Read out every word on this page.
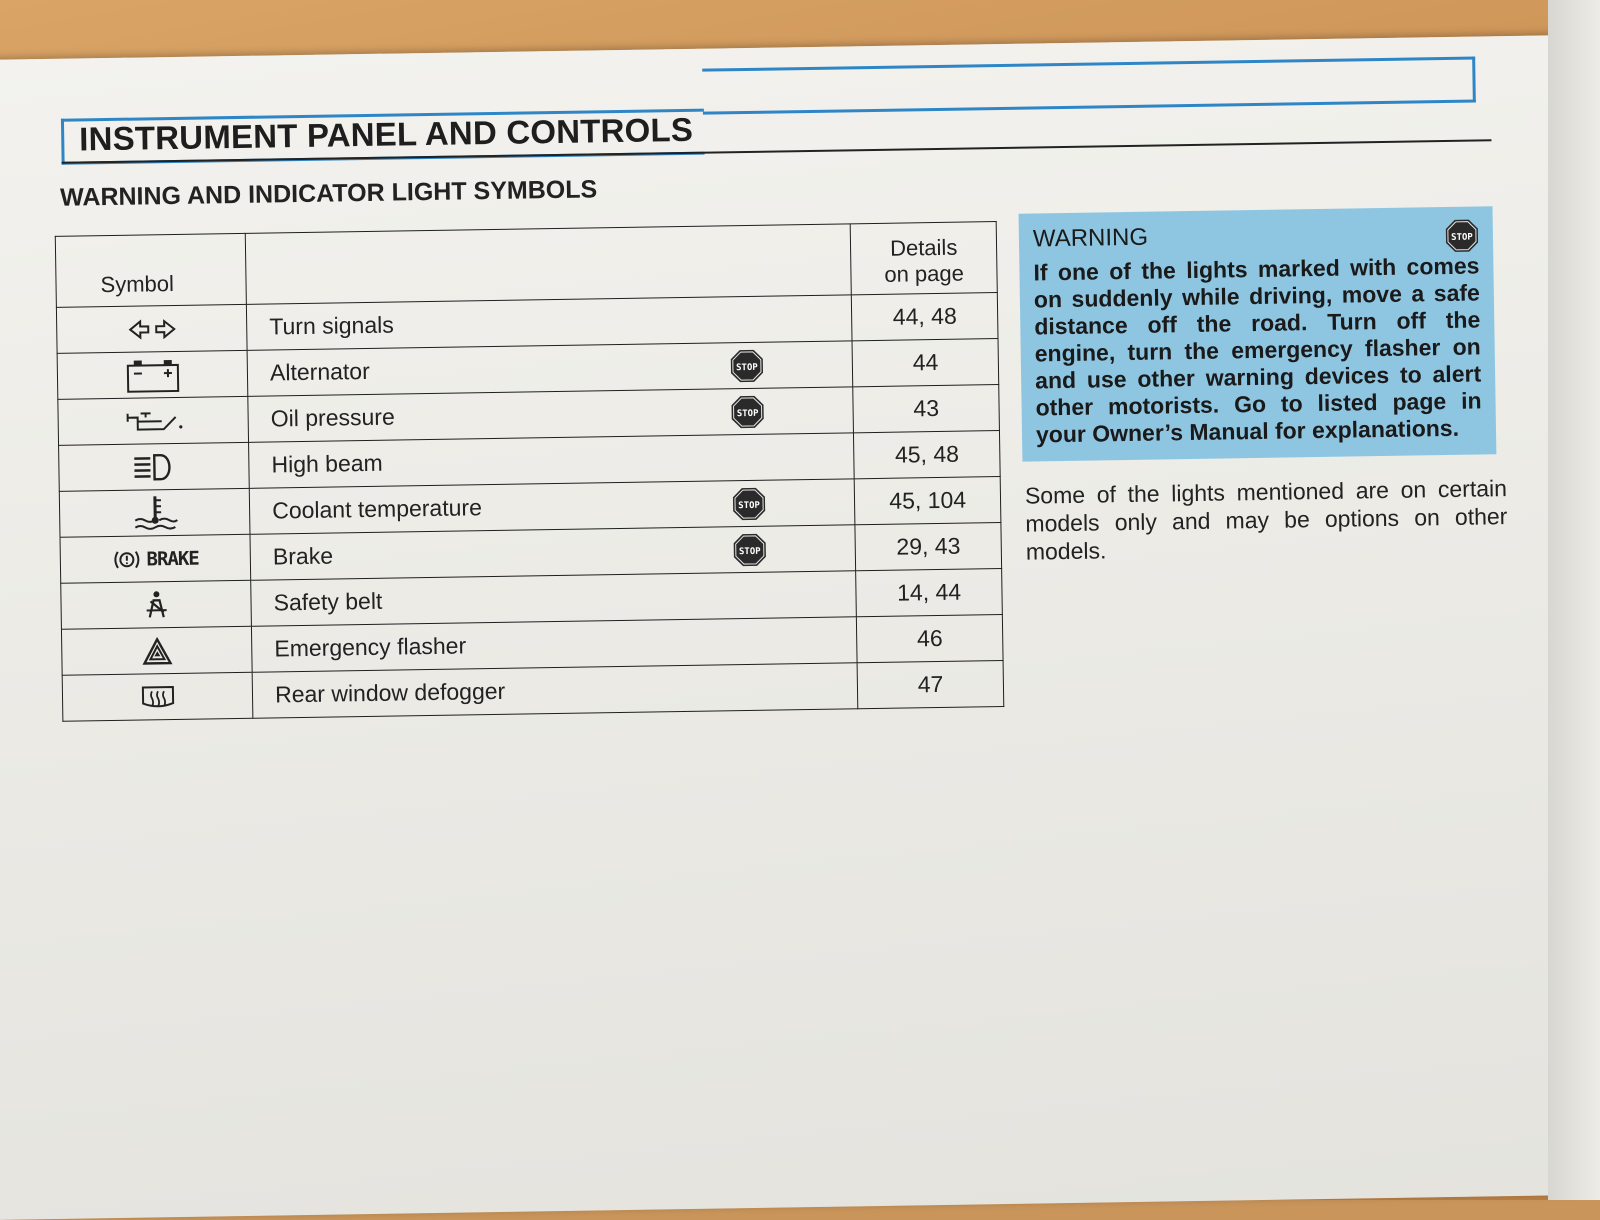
INSTRUMENT PANEL AND CONTROLS
WARNING AND INDICATOR LIGHT SYMBOLS
Symbol		Details
on page
	Turn signals	44, 48
	Alternator STOP	44
	Oil pressure STOP	43
	High beam	45, 48
	Coolant temperature STOP	45, 104
BRAKE	Brake STOP	29, 43
	Safety belt	14, 44
	Emergency flasher	46
	Rear window defogger	47
WARNING	STOP
If one of the lights marked with comes on suddenly while driving, move a safe distance off the road. Turn off the engine, turn the emergency flasher on and use other warning devices to alert other motorists. Go to listed page in your Owner’s Manual for explanations.
Some of the lights mentioned are on certain models only and may be options on other models.
